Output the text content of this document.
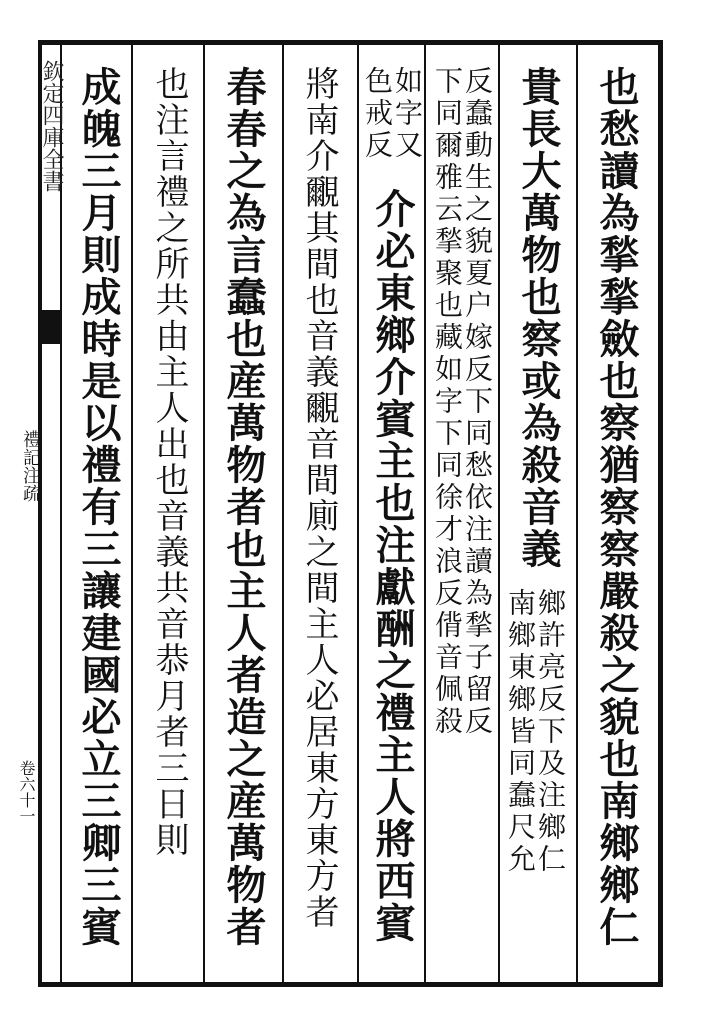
欽定四庫全書
禮記注疏
卷六十一	也愁讀為揫揫斂也察猶察察嚴殺之貌也南鄉鄉仁
貴長大萬物也察或為殺音義
鄉許亮反下及注鄉仁
南鄉東鄉皆同蠢尺允
反蠢動生之貌夏户嫁反下同愁依注讀為揫子留反
下同爾雅云揫聚也藏如字下同徐才浪反偝音佩殺
如字又
色戒反
介必東鄉介賓主也注獻酬之禮主人將西賓
將南介覼其間也音義覼音間廁之間主人必居東方東方者
春春之為言蠢也産萬物者也主人者造之産萬物者
也注言禮之所共由主人出也音義共音恭月者三日則
成魄三月則成時是以禮有三讓建國必立三卿三賓
